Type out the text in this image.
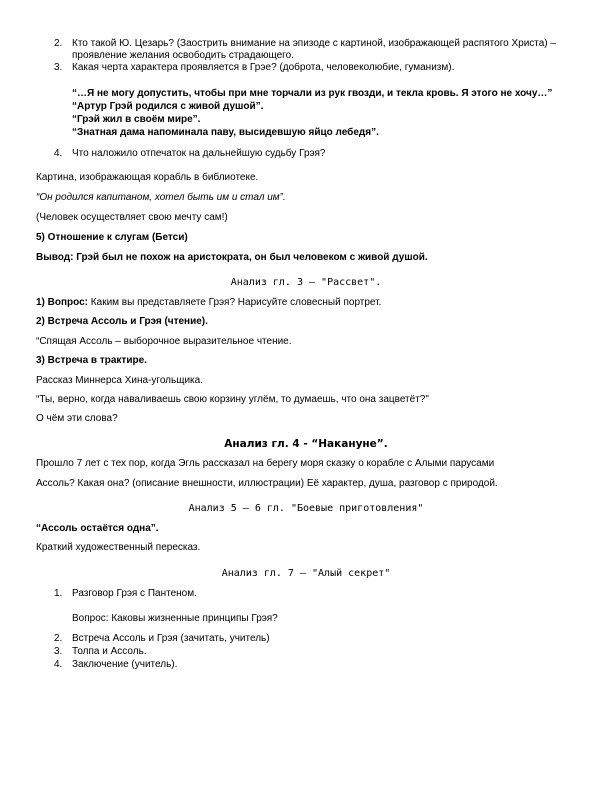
2. Кто такой Ю. Цезарь? (Заострить внимание на эпизоде с картиной, изображающей распятого Христа) –
проявление желания освободить страдающего.
3. Какая черта характера проявляется в Грэе? (доброта, человеколюбие, гуманизм).
“…Я не могу допустить, чтобы при мне торчали из рук гвозди, и текла кровь. Я этого не хочу…”
“Артур Грэй родился с живой душой”.
“Грэй жил в своём мире”.
“Знатная дама напоминала паву, высидевшую яйцо лебедя”.
4. Что наложило отпечаток на дальнейшую судьбу Грэя?
Картина, изображающая корабль в библиотеке.
“Он родился капитаном, хотел быть им и стал им”.
(Человек осуществляет свою мечту сам!)
5) Отношение к слугам (Бетси)
Вывод: Грэй был не похож на аристократа, он был человеком с живой душой.
Анализ гл. 3 – "Рассвет".
1) Вопрос: Каким вы представляете Грэя? Нарисуйте словесный портрет.
2) Встреча Ассоль и Грэя (чтение).
“Спящая Ассоль – выборочное выразительное чтение.
3) Встреча в трактире.
Рассказ Миннерса Хина-угольщика.
“Ты, верно, когда наваливаешь свою корзину углём, то думаешь, что она зацветёт?"
О чём эти слова?
Анализ гл. 4 - “Накануне”.
Прошло 7 лет с тех пор, когда Эгль рассказал на берегу моря сказку о корабле с Алыми парусами
Ассоль? Какая она? (описание внешности, иллюстрации) Её характер, душа, разговор с природой.
Анализ 5 – 6 гл. "Боевые приготовления"
“Ассоль остаётся одна”.
Краткий художественный пересказ.
Анализ гл. 7 – "Алый секрет"
1. Разговор Грэя с Пантеном.
Вопрос: Каковы жизненные принципы Грэя?
2. Встреча Ассоль и Грэя (зачитать, учитель)
3. Толпа и Ассоль.
4. Заключение (учитель).
